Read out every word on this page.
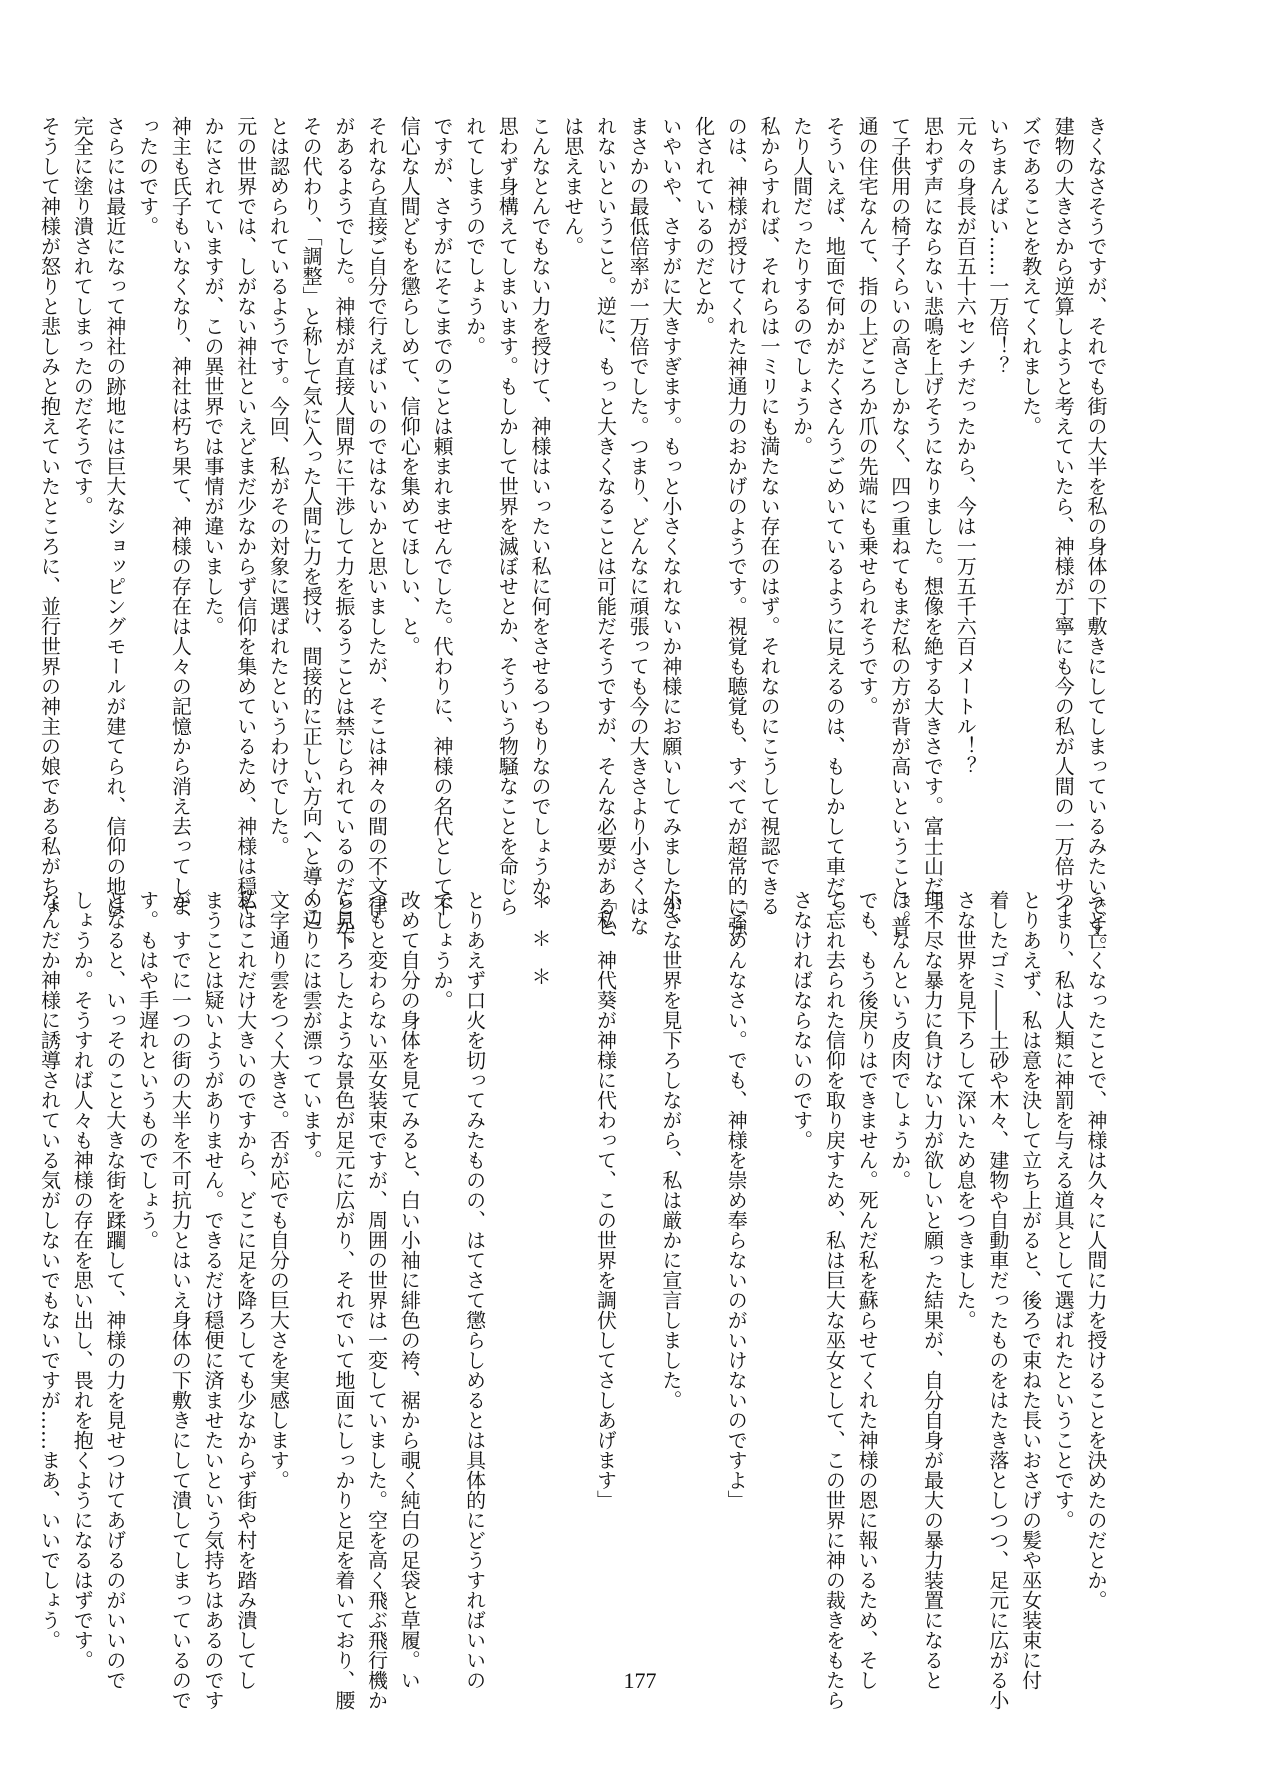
きくなさそうですが、それでも街の大半を私の身体の下敷きにしてしまっているみたいです。
建物の大きさから逆算しようと考えていたら、神様が丁寧にも今の私が人間の一万倍サイ
ズであることを教えてくれました。
いちまんばい……一万倍！？
元々の身長が百五十六センチだったから、今は一万五千六百メートル！？
思わず声にならない悲鳴を上げそうになりました。想像を絶する大きさです。富士山だっ
て子供用の椅子くらいの高さしかなく、四つ重ねてもまだ私の方が背が高いということ。普
通の住宅なんて、指の上どころか爪の先端にも乗せられそうです。
そういえば、地面で何かがたくさんうごめいているように見えるのは、もしかして車だっ
たり人間だったりするのでしょうか。
私からすれば、それらは一ミリにも満たない存在のはず。それなのにこうして視認できる
のは、神様が授けてくれた神通力のおかげのようです。視覚も聴覚も、すべてが超常的に強
化されているのだとか。
いやいや、さすがに大きすぎます。もっと小さくなれないか神様にお願いしてみましたが、
まさかの最低倍率が一万倍でした。つまり、どんなに頑張っても今の大きさより小さくはな
れないということ。逆に、もっと大きくなることは可能だそうですが、そんな必要があると
は思えません。
こんなとんでもない力を授けて、神様はいったい私に何をさせるつもりなのでしょうか。
思わず身構えてしまいます。もしかして世界を滅ぼせとか、そういう物騒なことを命じら
れてしまうのでしょうか。
ですが、さすがにそこまでのことは頼まれませんでした。代わりに、神様の名代として不
信心な人間どもを懲らしめて、信仰心を集めてほしい、と。
それなら直接ご自分で行えばいいのではないかと思いましたが、そこは神々の間の不文律
があるようでした。神様が直接人間界に干渉して力を振るうことは禁じられているのだとか。
その代わり、「調整」と称して気に入った人間に力を授け、間接的に正しい方向へと導くこ
とは認められているようです。今回、私がその対象に選ばれたというわけでした。
元の世界では、しがない神社といえどまだ少なからず信仰を集めているため、神様は穏や
かにされていますが、この異世界では事情が違いました。
神主も氏子もいなくなり、神社は朽ち果て、神様の存在は人々の記憶から消え去ってしま
ったのです。
さらには最近になって神社の跡地には巨大なショッピングモールが建てられ、信仰の地は
完全に塗り潰されてしまったのだそうです。
そうして神様が怒りと悲しみと抱えていたところに、並行世界の神主の娘である私がちょ
うど亡くなったことで、神様は久々に人間に力を授けることを決めたのだとか。
つまり、私は人類に神罰を与える道具として選ばれたということです。
とりあえず、私は意を決して立ち上がると、後ろで束ねた長いおさげの髪や巫女装束に付
着したゴミ――土砂や木々、建物や自動車だったものをはたき落としつつ、足元に広がる小
さな世界を見下ろして深いため息をつきました。
理不尽な暴力に負けない力が欲しいと願った結果が、自分自身が最大の暴力装置になると
は。なんという皮肉でしょうか。
でも、もう後戻りはできません。死んだ私を蘇らせてくれた神様の恩に報いるため、そし
て忘れ去られた信仰を取り戻すため、私は巨大な巫女として、この世界に神の裁きをもたら
さなければならないのです。
「ごめんなさい。でも、神様を崇め奉らないのがいけないのですよ」
小さな世界を見下ろしながら、私は厳かに宣言しました。
「私、神代葵が神様に代わって、この世界を調伏してさしあげます」
＊＊＊
とりあえず口火を切ってみたものの、はてさて懲らしめるとは具体的にどうすればいいの
でしょうか。
改めて自分の身体を見てみると、白い小袖に緋色の袴、裾から覗く純白の足袋と草履。い
つもと変わらない巫女装束ですが、周囲の世界は一変していました。空を高く飛ぶ飛行機か
ら見下ろしたような景色が足元に広がり、それでいて地面にしっかりと足を着いており、腰
の辺りには雲が漂っています。
文字通り雲をつく大きさ。否が応でも自分の巨大さを実感します。
私はこれだけ大きいのですから、どこに足を降ろしても少なからず街や村を踏み潰してし
まうことは疑いようがありません。できるだけ穏便に済ませたいという気持ちはあるのです
が、すでに一つの街の大半を不可抗力とはいえ身体の下敷きにして潰してしまっているので
す。もはや手遅れというものでしょう。
となると、いっそのこと大きな街を蹂躙して、神様の力を見せつけてあげるのがいいので
しょうか。そうすれば人々も神様の存在を思い出し、畏れを抱くようになるはずです。
なんだか神様に誘導されている気がしないでもないですが……まあ、いいでしょう。
177
